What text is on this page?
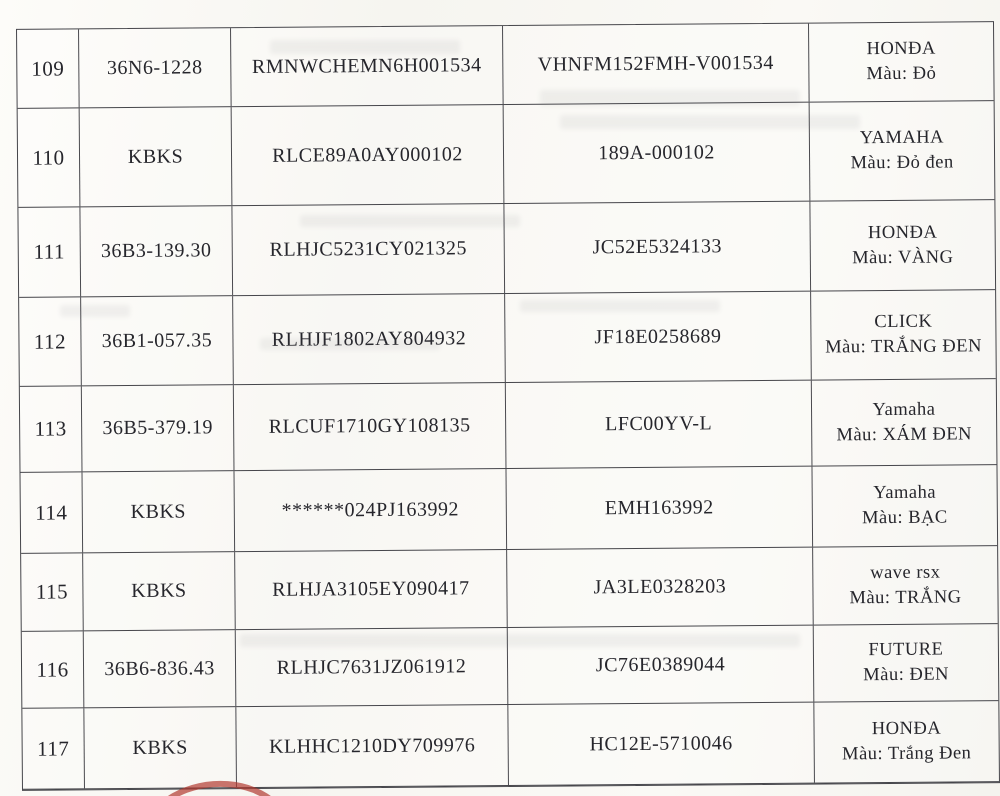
109	36N6-1228	RMNWCHEMN6H001534	VHNFM152FMH-V001534
HONĐA
Màu: Đỏ
110	KBKS	RLCE89A0AY000102	189A-000102
YAMAHA
Màu: Đỏ đen
111	36B3-139.30	RLHJC5231CY021325	JC52E5324133
HONĐA
Màu: VÀNG
112	36B1-057.35	RLHJF1802AY804932	JF18E0258689
CLICK
Màu: TRẮNG ĐEN
113	36B5-379.19	RLCUF1710GY108135	LFC00YV-L
Yamaha
Màu: XÁM ĐEN
114	KBKS	******024PJ163992	EMH163992
Yamaha
Màu: BẠC
115	KBKS	RLHJA3105EY090417	JA3LE0328203
wave rsx
Màu: TRẮNG
116	36B6-836.43	RLHJC7631JZ061912	JC76E0389044
FUTURE
Màu: ĐEN
117	KBKS	KLHHC1210DY709976	HC12E-5710046
HONĐA
Màu: Trắng Đen
